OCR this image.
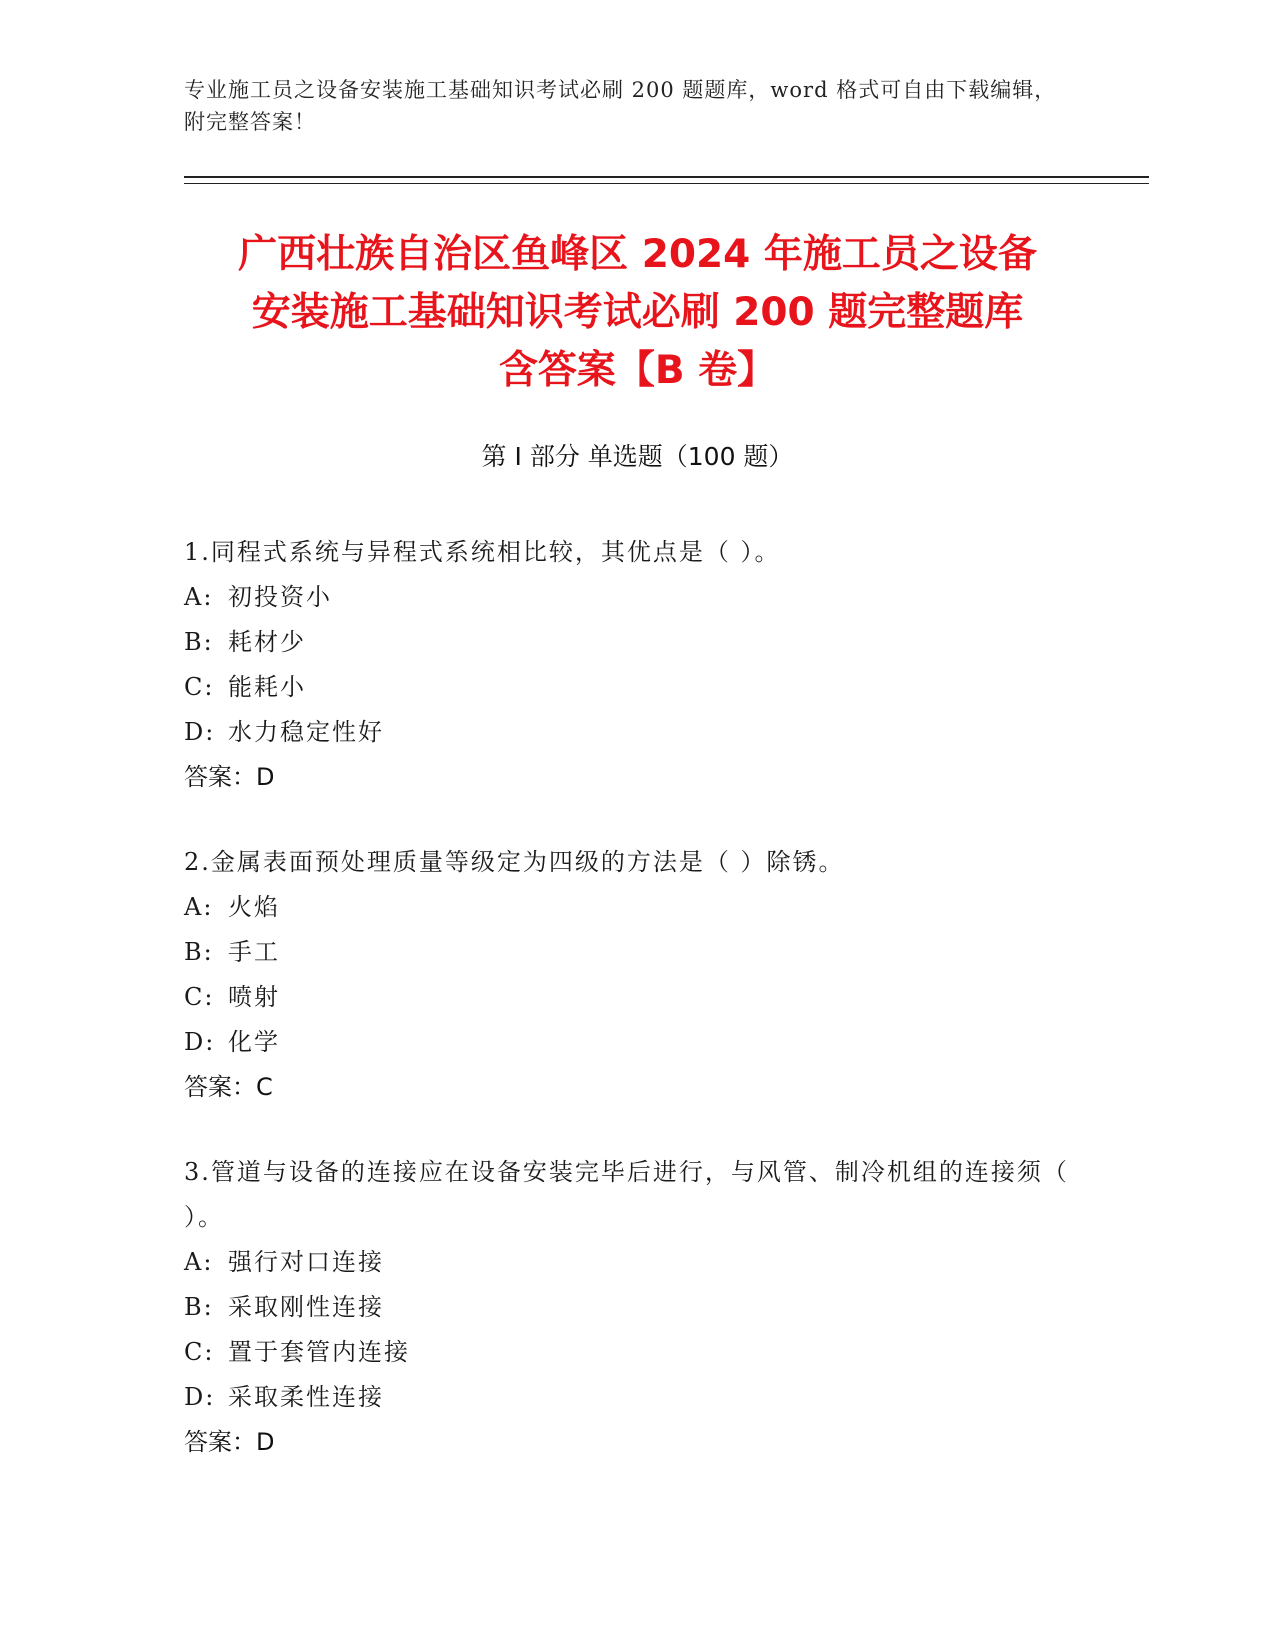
专业施工员之设备安装施工基础知识考试必刷 200 题题库，word 格式可自由下载编辑，附完整答案！
广西壮族自治区鱼峰区 2024 年施工员之设备
安装施工基础知识考试必刷 200 题完整题库
含答案【B 卷】
第 I 部分 单选题（100 题）

1.同程式系统与异程式系统相比较，其优点是（ ）。

A: 初投资小
B: 耗材少
C: 能耗小
D: 水力稳定性好
答案：D

2.金属表面预处理质量等级定为四级的方法是（ ）除锈。

A: 火焰
B: 手工
C: 喷射
D: 化学
答案：C

3.管道与设备的连接应在设备安装完毕后进行，与风管、制冷机组的连接须（ ）。

A: 强行对口连接
B: 采取刚性连接
C: 置于套管内连接
D: 采取柔性连接
答案：D
